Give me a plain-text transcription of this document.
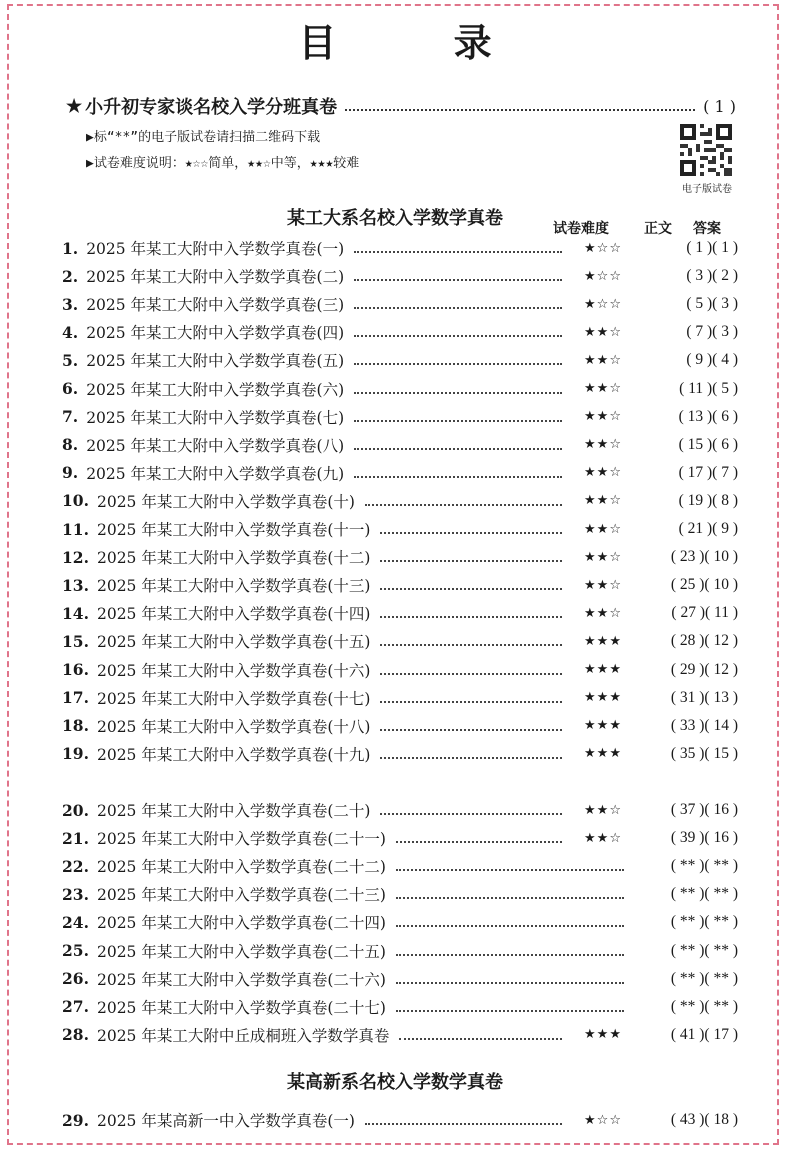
目 录
★ 小升初专家谈名校入学分班真卷	( 1 )
▶标“**”的电子版试卷请扫描二维码下载
▶试卷难度说明：★☆☆简单，★★☆中等，★★★较难
电子版试卷
某工大系名校入学数学真卷	试卷难度	正文 答案
某高新系名校入学数学真卷
1. 2025 年某工大附中入学数学真卷(一)	★☆☆	( 1 )( 1 )
2. 2025 年某工大附中入学数学真卷(二)	★☆☆	( 3 )( 2 )
3. 2025 年某工大附中入学数学真卷(三)	★☆☆	( 5 )( 3 )
4. 2025 年某工大附中入学数学真卷(四)	★★☆	( 7 )( 3 )
5. 2025 年某工大附中入学数学真卷(五)	★★☆	( 9 )( 4 )
6. 2025 年某工大附中入学数学真卷(六)	★★☆	( 11 )( 5 )
7. 2025 年某工大附中入学数学真卷(七)	★★☆	( 13 )( 6 )
8. 2025 年某工大附中入学数学真卷(八)	★★☆	( 15 )( 6 )
9. 2025 年某工大附中入学数学真卷(九)	★★☆	( 17 )( 7 )
10. 2025 年某工大附中入学数学真卷(十)	★★☆	( 19 )( 8 )
11. 2025 年某工大附中入学数学真卷(十一)	★★☆	( 21 )( 9 )
12. 2025 年某工大附中入学数学真卷(十二)	★★☆	( 23 )( 10 )
13. 2025 年某工大附中入学数学真卷(十三)	★★☆	( 25 )( 10 )
14. 2025 年某工大附中入学数学真卷(十四)	★★☆	( 27 )( 11 )
15. 2025 年某工大附中入学数学真卷(十五)	★★★	( 28 )( 12 )
16. 2025 年某工大附中入学数学真卷(十六)	★★★	( 29 )( 12 )
17. 2025 年某工大附中入学数学真卷(十七)	★★★	( 31 )( 13 )
18. 2025 年某工大附中入学数学真卷(十八)	★★★	( 33 )( 14 )
19. 2025 年某工大附中入学数学真卷(十九)	★★★	( 35 )( 15 )
20. 2025 年某工大附中入学数学真卷(二十)	★★☆	( 37 )( 16 )
21. 2025 年某工大附中入学数学真卷(二十一)	★★☆	( 39 )( 16 )
22. 2025 年某工大附中入学数学真卷(二十二)	( ** )( ** )
23. 2025 年某工大附中入学数学真卷(二十三)	( ** )( ** )
24. 2025 年某工大附中入学数学真卷(二十四)	( ** )( ** )
25. 2025 年某工大附中入学数学真卷(二十五)	( ** )( ** )
26. 2025 年某工大附中入学数学真卷(二十六)	( ** )( ** )
27. 2025 年某工大附中入学数学真卷(二十七)	( ** )( ** )
28. 2025 年某工大附中丘成桐班入学数学真卷	★★★	( 41 )( 17 )
29. 2025 年某高新一中入学数学真卷(一)	★☆☆	( 43 )( 18 )
